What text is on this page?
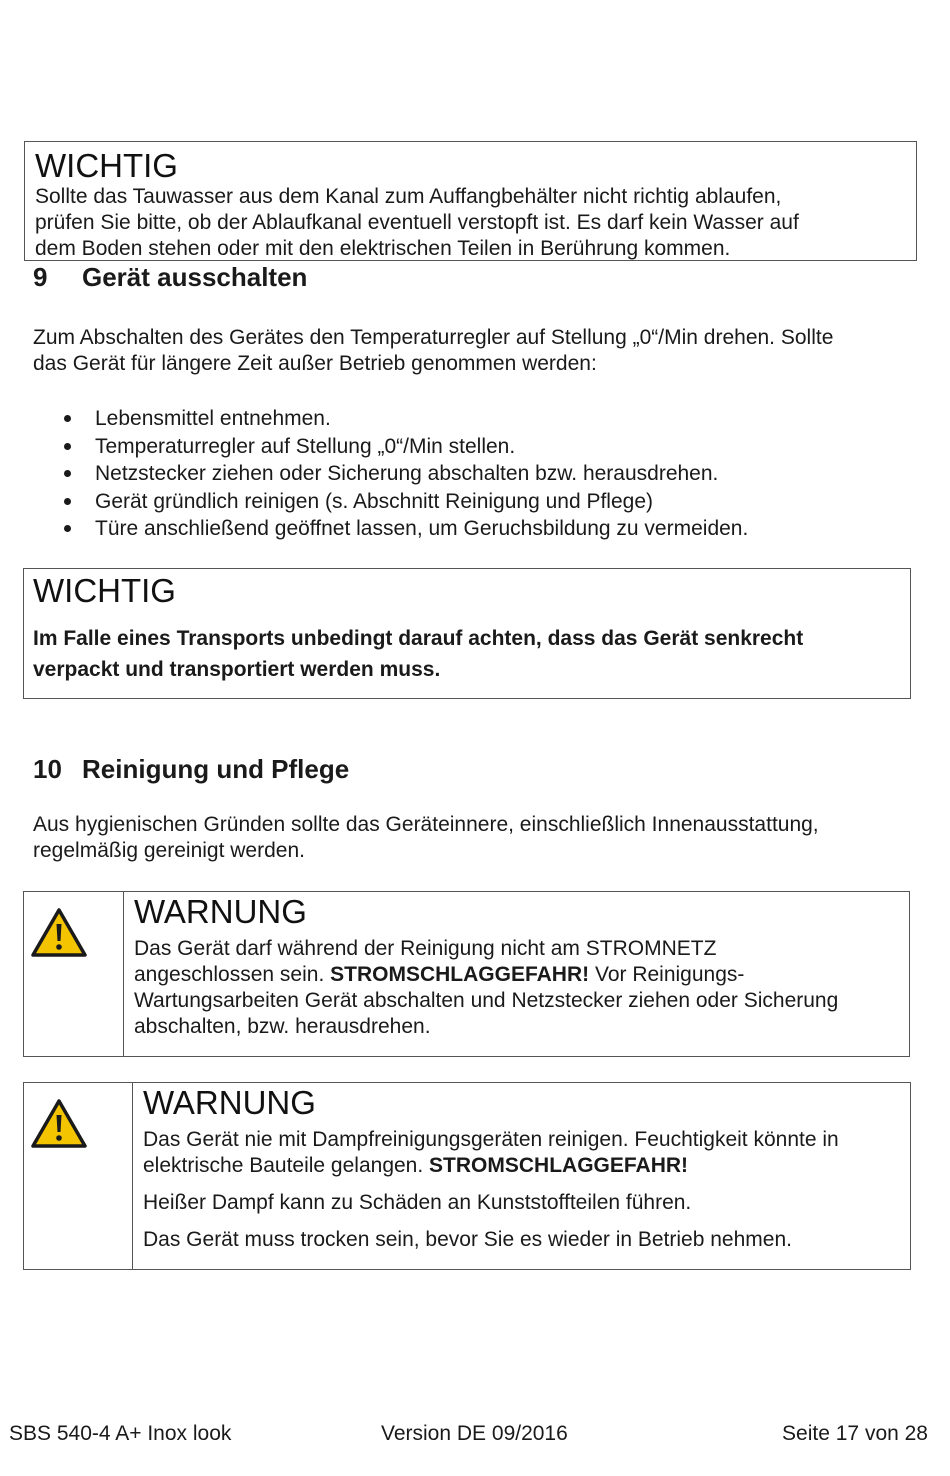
WICHTIG
Sollte das Tauwasser aus dem Kanal zum Auffangbehälter nicht richtig ablaufen,
prüfen Sie bitte, ob der Ablaufkanal eventuell verstopft ist. Es darf kein Wasser auf
dem Boden stehen oder mit den elektrischen Teilen in Berührung kommen.
9 Gerät ausschalten
Zum Abschalten des Gerätes den Temperaturregler auf Stellung „0“/Min drehen. Sollte
das Gerät für längere Zeit außer Betrieb genommen werden:
Lebensmittel entnehmen.
Temperaturregler auf Stellung „0“/Min stellen.
Netzstecker ziehen oder Sicherung abschalten bzw. herausdrehen.
Gerät gründlich reinigen (s. Abschnitt Reinigung und Pflege)
Türe anschließend geöffnet lassen, um Geruchsbildung zu vermeiden.
WICHTIG
Im Falle eines Transports unbedingt darauf achten, dass das Gerät senkrecht
verpackt und transportiert werden muss.
10 Reinigung und Pflege
Aus hygienischen Gründen sollte das Geräteinnere, einschließlich Innenausstattung,
regelmäßig gereinigt werden.
WARNUNG
Das Gerät darf während der Reinigung nicht am STROMNETZ
angeschlossen sein. STROMSCHLAGGEFAHR! Vor Reinigungs-
Wartungsarbeiten Gerät abschalten und Netzstecker ziehen oder Sicherung
abschalten, bzw. herausdrehen.
WARNUNG
Das Gerät nie mit Dampfreinigungsgeräten reinigen. Feuchtigkeit könnte in
elektrische Bauteile gelangen. STROMSCHLAGGEFAHR!

Heißer Dampf kann zu Schäden an Kunststoffteilen führen.

Das Gerät muss trocken sein, bevor Sie es wieder in Betrieb nehmen.

SBS 540-4 A+ Inox look	Version DE 09/2016	Seite 17 von 28
